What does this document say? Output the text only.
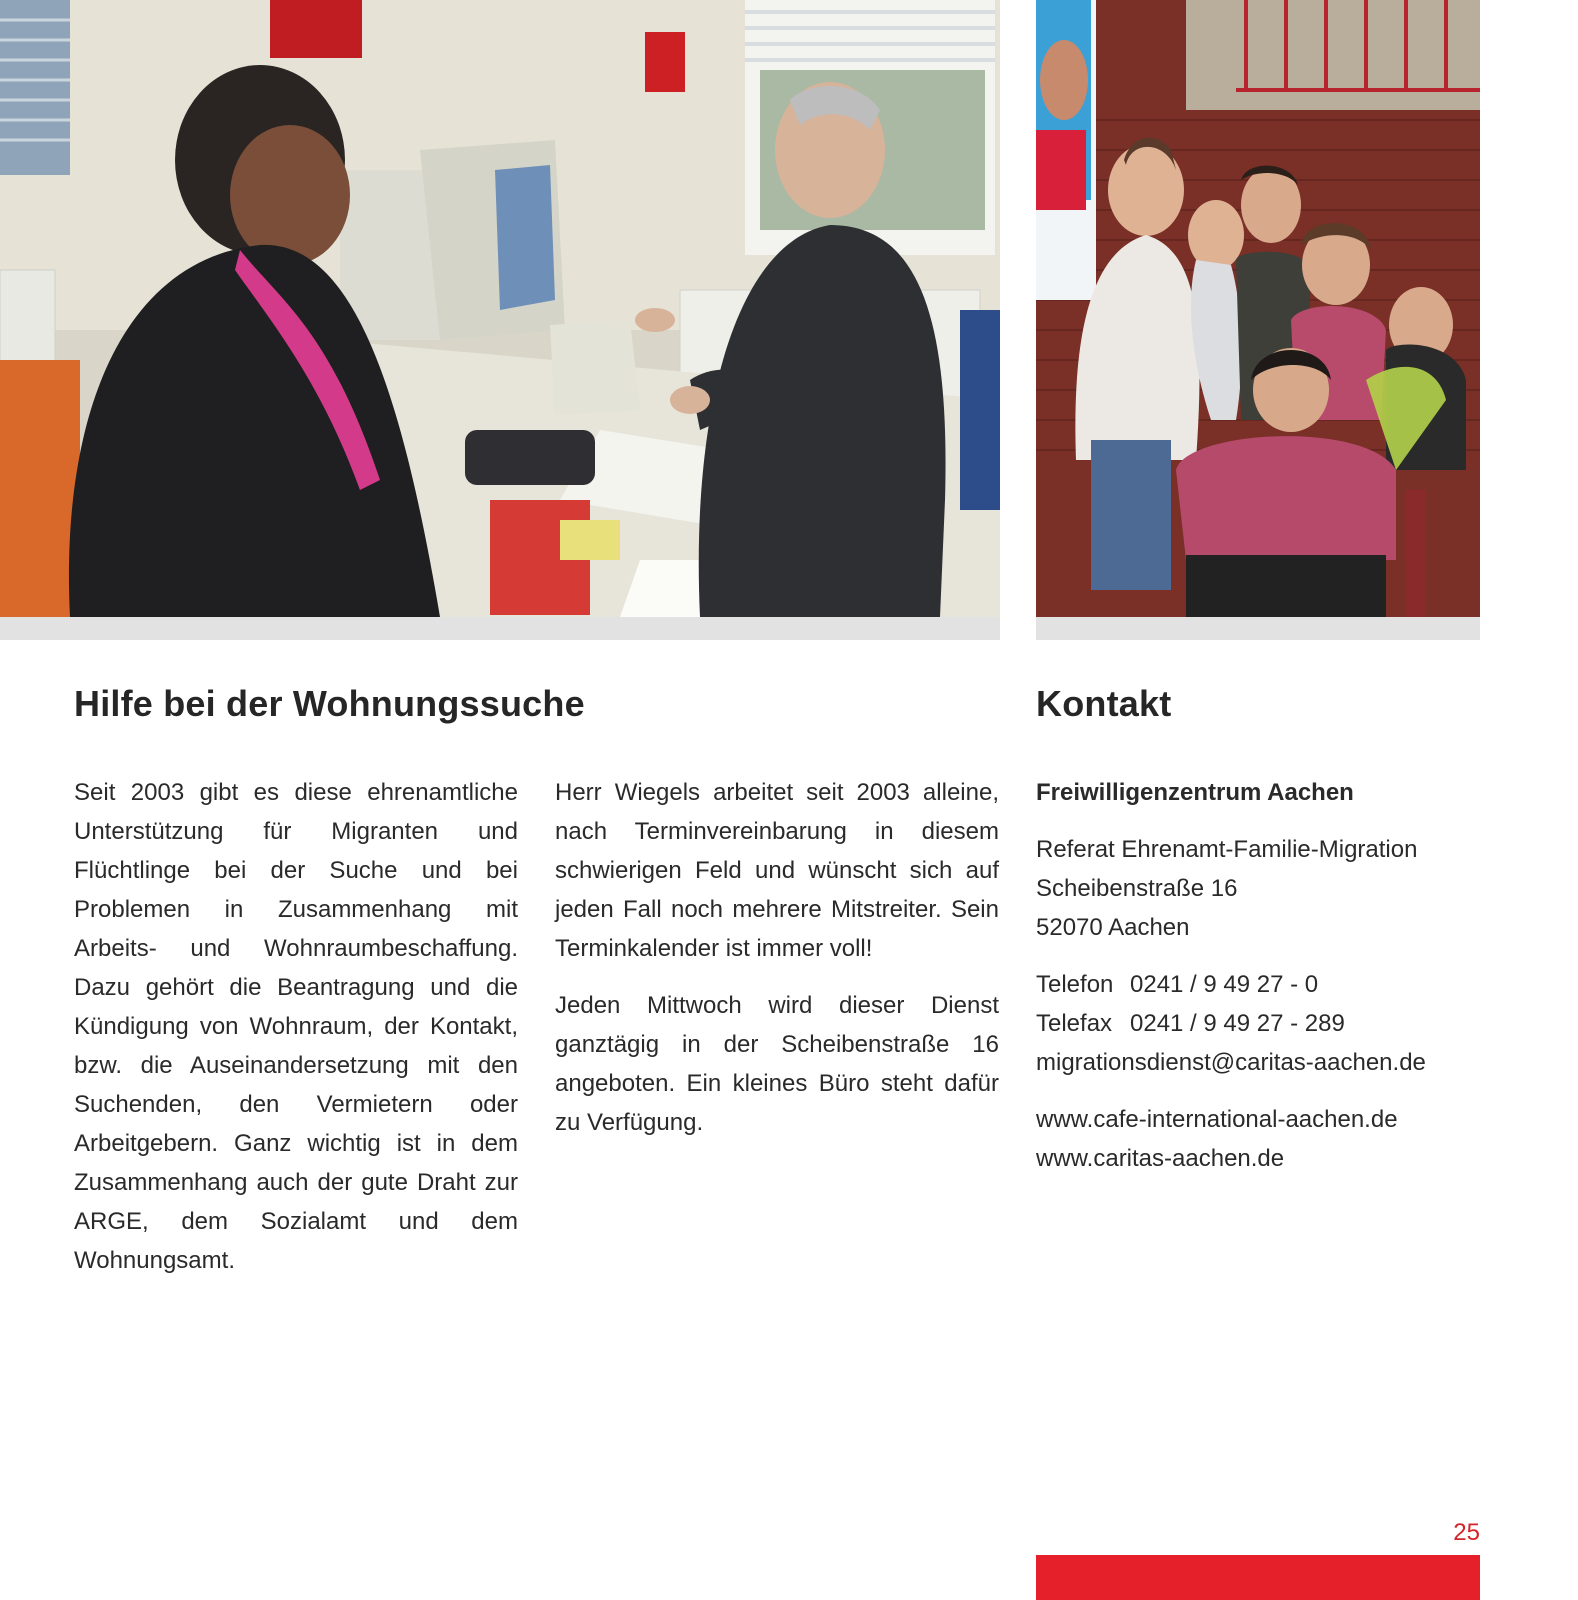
Hilfe bei der Wohnungssuche	Kontakt

Seit 2003 gibt es diese ehrenamtliche Unterstützung für Migranten und Flüchtlinge bei der Suche und bei Problemen in Zusammenhang mit Arbeits- und Wohnraumbeschaffung. Dazu gehört die Beantragung und die Kündigung von Wohnraum, der Kontakt, bzw. die Auseinandersetzung mit den Suchenden, den Vermietern oder Arbeitgebern. Ganz wichtig ist in dem Zusammenhang auch der gute Draht zur ARGE, dem Sozialamt und dem Wohnungsamt.

Herr Wiegels arbeitet seit 2003 alleine, nach Terminvereinbarung in diesem schwierigen Feld und wünscht sich auf jeden Fall noch mehrere Mitstreiter. Sein Terminkalender ist immer voll!

Jeden Mittwoch wird dieser Dienst ganztägig in der Scheibenstraße 16 angeboten. Ein kleines Büro steht dafür zu Verfügung.

Freiwilligenzentrum Aachen
Referat Ehrenamt-Familie-Migration
Scheibenstraße 16
52070 Aachen
Telefon 0241 / 9 49 27 - 0
Telefax 0241 / 9 49 27 - 289
migrationsdienst@caritas-aachen.de
www.cafe-international-aachen.de
www.caritas-aachen.de
25
